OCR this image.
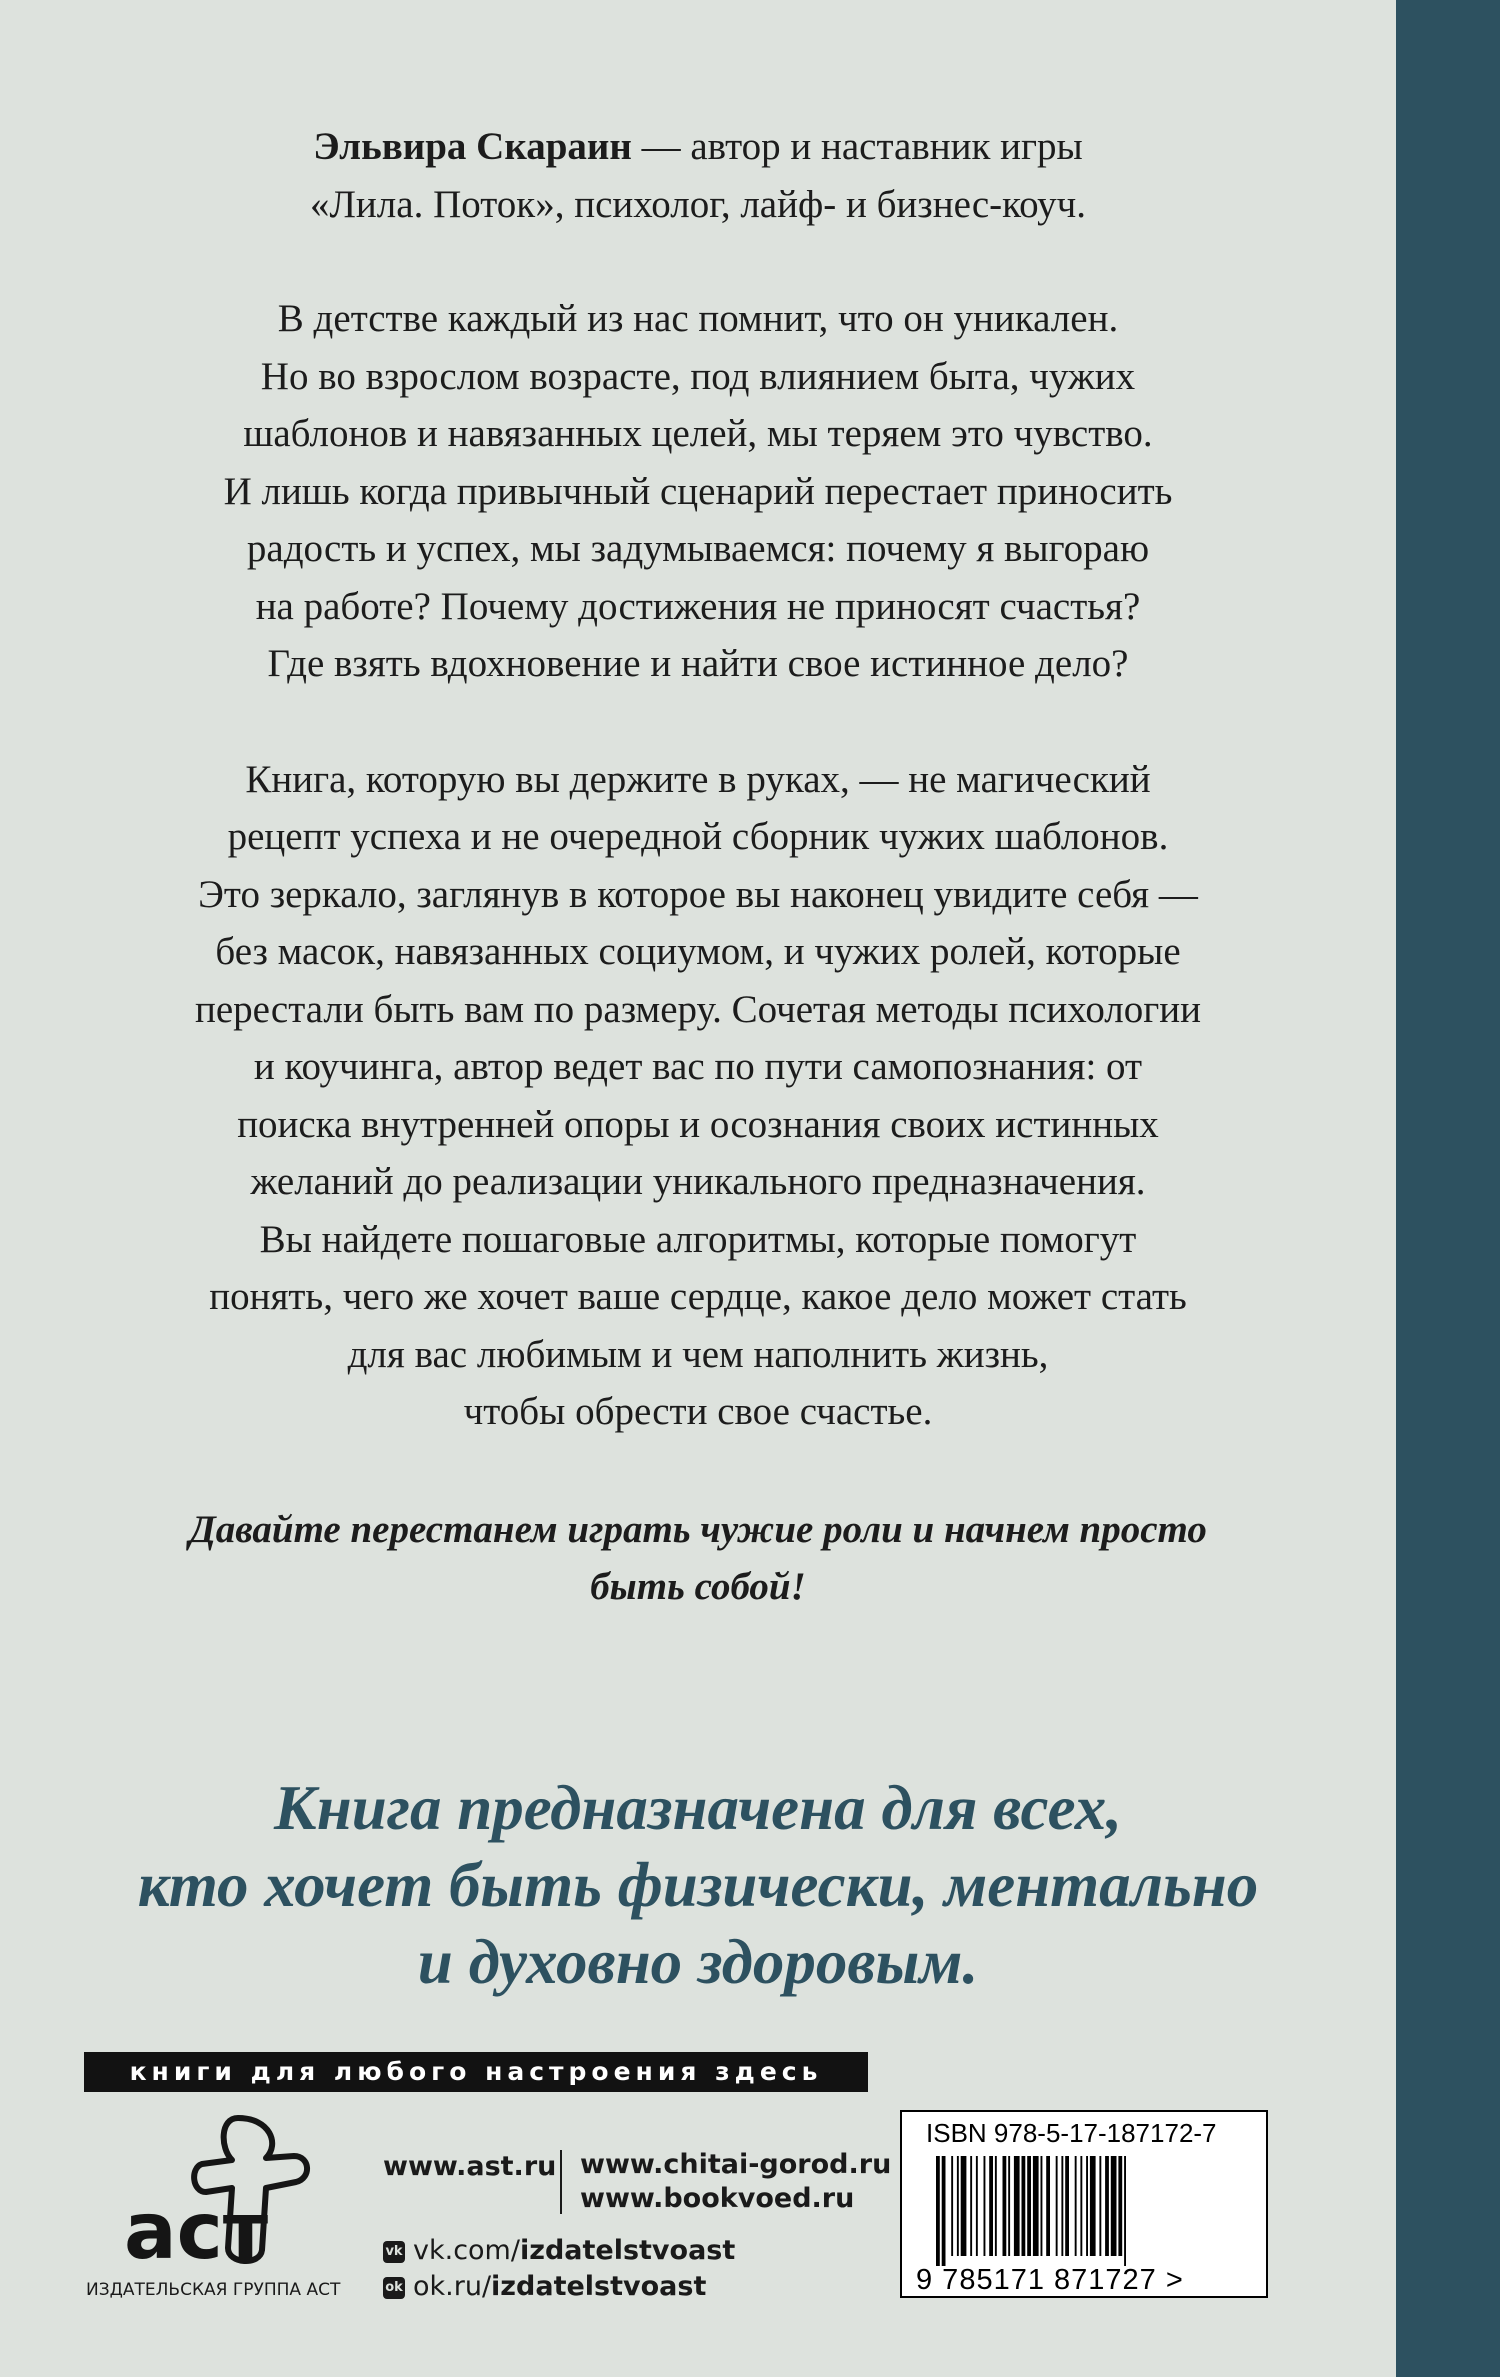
Эльвира Скараин — автор и наставник игры
«Лила. Поток», психолог, лайф- и бизнес-коуч.

В детстве каждый из нас помнит, что он уникален.
Но во взрослом возрасте, под влиянием быта, чужих
шаблонов и навязанных целей, мы теряем это чувство.
И лишь когда привычный сценарий перестает приносить
радость и успех, мы задумываемся: почему я выгораю
на работе? Почему достижения не приносят счастья?
Где взять вдохновение и найти свое истинное дело?

Книга, которую вы держите в руках, — не магический
рецепт успеха и не очередной сборник чужих шаблонов.
Это зеркало, заглянув в которое вы наконец увидите себя —
без масок, навязанных социумом, и чужих ролей, которые
перестали быть вам по размеру. Сочетая методы психологии
и коучинга, автор ведет вас по пути самопознания: от
поиска внутренней опоры и осознания своих истинных
желаний до реализации уникального предназначения.
Вы найдете пошаговые алгоритмы, которые помогут
понять, чего же хочет ваше сердце, какое дело может стать
для вас любимым и чем наполнить жизнь,
чтобы обрести свое счастье.

Давайте перестанем играть чужие роли и начнем просто
быть собой!

Книга предназначена для всех,
кто хочет быть физически, ментально
и духовно здоровым.

книги для любого настроения здесь
аст
ИЗДАТЕЛЬСКАЯ ГРУППА АСТ
www.ast.ru www.chitai-gorod.ru
www.bookvoed.ru
vk vk.com/izdatelstvoast
ok ok.ru/izdatelstvoast
ISBN 978-5-17-187172-7
9 785171 871727 >
